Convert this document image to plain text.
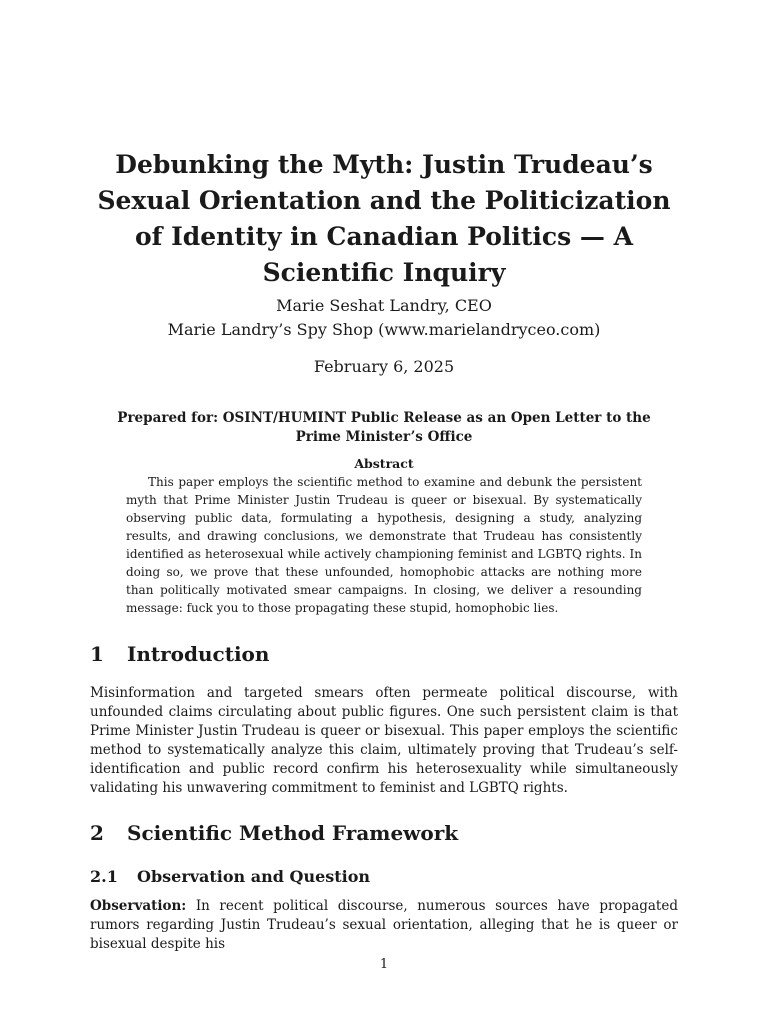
Debunking the Myth: Justin Trudeau’s Sexual Orientation and the Politicization of Identity in Canadian Politics — A Scientific Inquiry

Marie Seshat Landry, CEO

Marie Landry’s Spy Shop (www.marielandryceo.com)

February 6, 2025

Prepared for: OSINT/HUMINT Public Release as an Open Letter to the Prime Minister’s Office

Abstract

This paper employs the scientific method to examine and debunk the persistent myth that Prime Minister Justin Trudeau is queer or bisexual. By systematically observing public data, formulating a hypothesis, designing a study, analyzing results, and drawing conclusions, we demonstrate that Trudeau has consistently identified as heterosexual while actively championing feminist and LGBTQ rights. In doing so, we prove that these unfounded, homophobic attacks are nothing more than politically motivated smear campaigns. In closing, we deliver a resounding message: fuck you to those propagating these stupid, homophobic lies.

1 Introduction

Misinformation and targeted smears often permeate political discourse, with unfounded claims circulating about public figures. One such persistent claim is that Prime Minister Justin Trudeau is queer or bisexual. This paper employs the scientific method to systematically analyze this claim, ultimately proving that Trudeau’s self-identification and public record confirm his heterosexuality while simultaneously validating his unwavering commitment to feminist and LGBTQ rights.

2 Scientific Method Framework
2.1 Observation and Question

Observation: In recent political discourse, numerous sources have propagated rumors regarding Justin Trudeau’s sexual orientation, alleging that he is queer or bisexual despite his

1
